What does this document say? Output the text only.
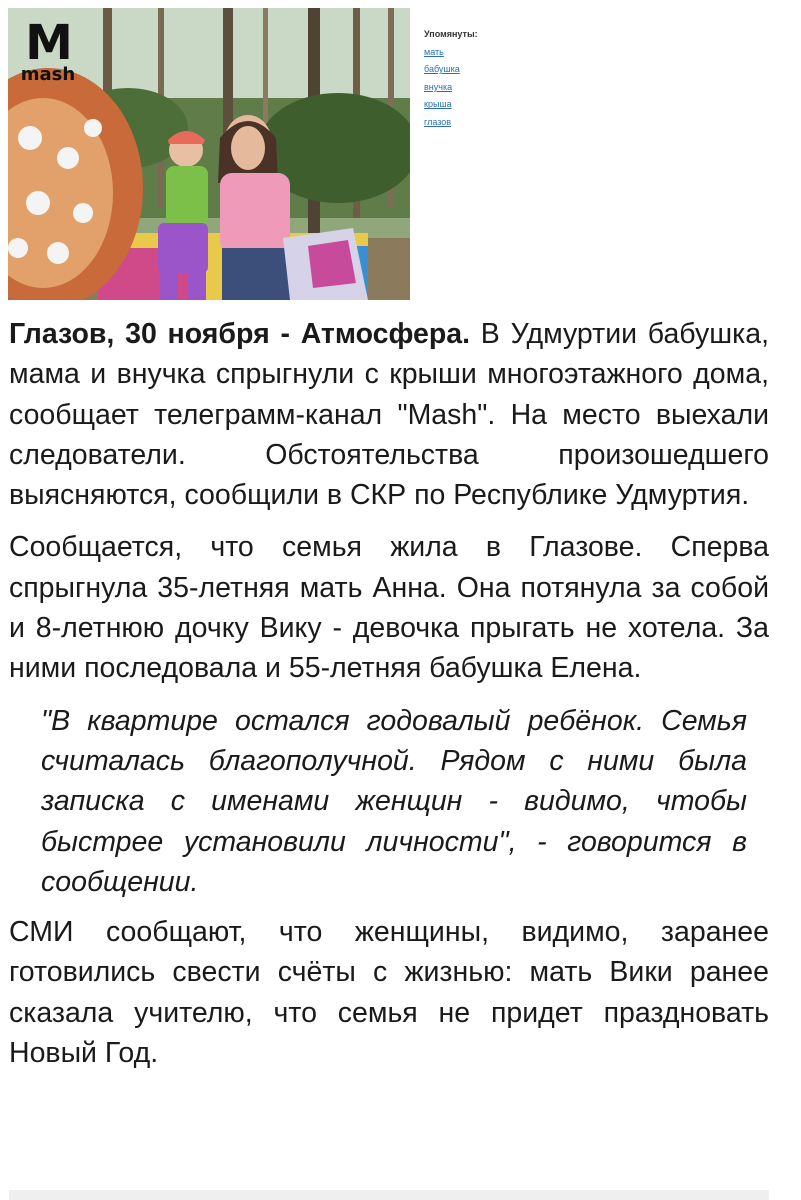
M
mash
Упомянуты:
мать
бабушка
внучка
крыша
глазов

Глазов, 30 ноября - Атмосфера. В Удмуртии бабушка, мама и внучка спрыгнули с крыши многоэтажного дома, сообщает телеграмм-канал "Mash". На место выехали следователи. Обстоятельства произошедшего выясняются, сообщили в СКР по Республике Удмуртия.

Сообщается, что семья жила в Глазове. Сперва спрыгнула 35-летняя мать Анна. Она потянула за собой и 8-летнюю дочку Вику - девочка прыгать не хотела. За ними последовала и 55-летняя бабушка Елена.

"В квартире остался годовалый ребёнок. Семья считалась благополучной. Рядом с ними была записка с именами женщин - видимо, чтобы быстрее установили личности", - говорится в сообщении.

СМИ сообщают, что женщины, видимо, заранее готовились свести счёты с жизнью: мать Вики ранее сказала учителю, что семья не придет праздновать Новый Год.
